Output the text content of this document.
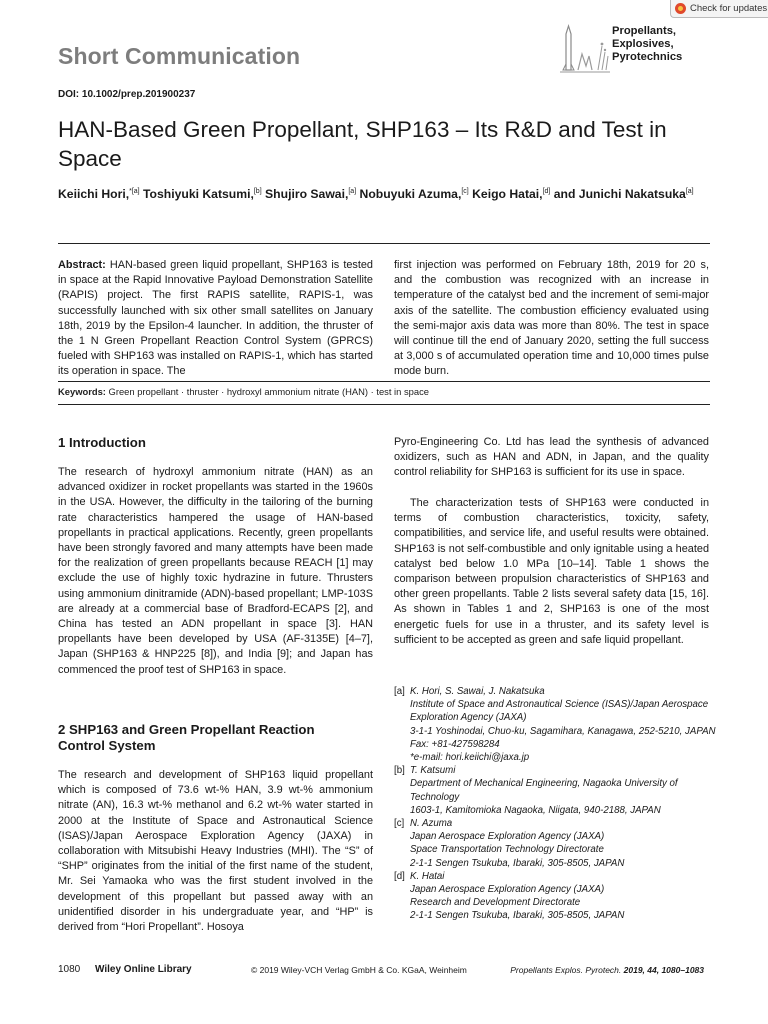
Check for updates
Short Communication
Propellants,
Explosives,
Pyrotechnics
DOI: 10.1002/prep.201900237
HAN-Based Green Propellant, SHP163 – Its R&D and Test in Space
Keiichi Hori,$^{*[a]}$ Toshiyuki Katsumi,[b] Shujiro Sawai,[a] Nobuyuki Azuma,[c] Keigo Hatai,[d] and Junichi Nakatsuka[a]
Abstract: HAN-based green liquid propellant, SHP163 is tested in space at the Rapid Innovative Payload Demonstration Satellite (RAPIS) project. The first RAPIS satellite, RAPIS-1, was successfully launched with six other small satellites on January 18th, 2019 by the Epsilon-4 launcher. In addition, the thruster of the 1 N Green Propellant Reaction Control System (GPRCS) fueled with SHP163 was installed on RAPIS-1, which has started its operation in space. The
first injection was performed on February 18th, 2019 for 20 s, and the combustion was recognized with an increase in temperature of the catalyst bed and the increment of semi-major axis of the satellite. The combustion efficiency evaluated using the semi-major axis data was more than 80%. The test in space will continue till the end of January 2020, setting the full success at 3,000 s of accumulated operation time and 10,000 times pulse mode burn.
Keywords: Green propellant · thruster · hydroxyl ammonium nitrate (HAN) · test in space
1 Introduction
The research of hydroxyl ammonium nitrate (HAN) as an advanced oxidizer in rocket propellants was started in the 1960s in the USA. However, the difficulty in the tailoring of the burning rate characteristics hampered the usage of HAN-based propellants in practical applications. Recently, green propellants have been strongly favored and many attempts have been made for the realization of green propellants because REACH [1] may exclude the use of highly toxic hydrazine in future. Thrusters using ammonium dinitramide (ADN)-based propellant; LMP-103S are already at a commercial base of Bradford-ECAPS [2], and China has tested an ADN propellant in space [3]. HAN propellants have been developed by USA (AF-3135E) [4–7], Japan (SHP163 & HNP225 [8]), and India [9]; and Japan has commenced the proof test of SHP163 in space.
2 SHP163 and Green Propellant Reaction
Control System
The research and development of SHP163 liquid propellant which is composed of 73.6 wt-% HAN, 3.9 wt-% ammonium nitrate (AN), 16.3 wt-% methanol and 6.2 wt-% water started in 2000 at the Institute of Space and Astronautical Science (ISAS)/Japan Aerospace Exploration Agency (JAXA) in collaboration with Mitsubishi Heavy Industries (MHI). The “S” of “SHP” originates from the initial of the first name of the student, Mr. Sei Yamaoka who was the first student involved in the development of this propellant but passed away with an unidentified disorder in his undergraduate year, and “HP” is derived from “Hori Propellant”. Hosoya
Pyro-Engineering Co. Ltd has lead the synthesis of advanced oxidizers, such as HAN and ADN, in Japan, and the quality control reliability for SHP163 is sufficient for its use in space.
The characterization tests of SHP163 were conducted in terms of combustion characteristics, toxicity, safety, compatibilities, and service life, and useful results were obtained. SHP163 is not self-combustible and only ignitable using a heated catalyst bed below 1.0 MPa [10–14]. Table 1 shows the comparison between propulsion characteristics of SHP163 and other green propellants. Table 2 lists several safety data [15, 16]. As shown in Tables 1 and 2, SHP163 is one of the most energetic fuels for use in a thruster, and its safety level is sufficient to be accepted as green and safe liquid propellant.
[a] K. Hori, S. Sawai, J. Nakatsuka
Institute of Space and Astronautical Science (ISAS)/Japan Aerospace Exploration Agency (JAXA)
3-1-1 Yoshinodai, Chuo-ku, Sagamihara, Kanagawa, 252-5210, JAPAN
Fax: +81-427598284
*e-mail: hori.keiichi@jaxa.jp
[b] T. Katsumi
Department of Mechanical Engineering, Nagaoka University of Technology
1603-1, Kamitomioka Nagaoka, Niigata, 940-2188, JAPAN
[c] N. Azuma
Japan Aerospace Exploration Agency (JAXA)
Space Transportation Technology Directorate
2-1-1 Sengen Tsukuba, Ibaraki, 305-8505, JAPAN
[d] K. Hatai
Japan Aerospace Exploration Agency (JAXA)
Research and Development Directorate
2-1-1 Sengen Tsukuba, Ibaraki, 305-8505, JAPAN
1080 Wiley Online Library	© 2019 Wiley-VCH Verlag GmbH & Co. KGaA, Weinheim	Propellants Explos. Pyrotech. 2019, 44, 1080–1083
